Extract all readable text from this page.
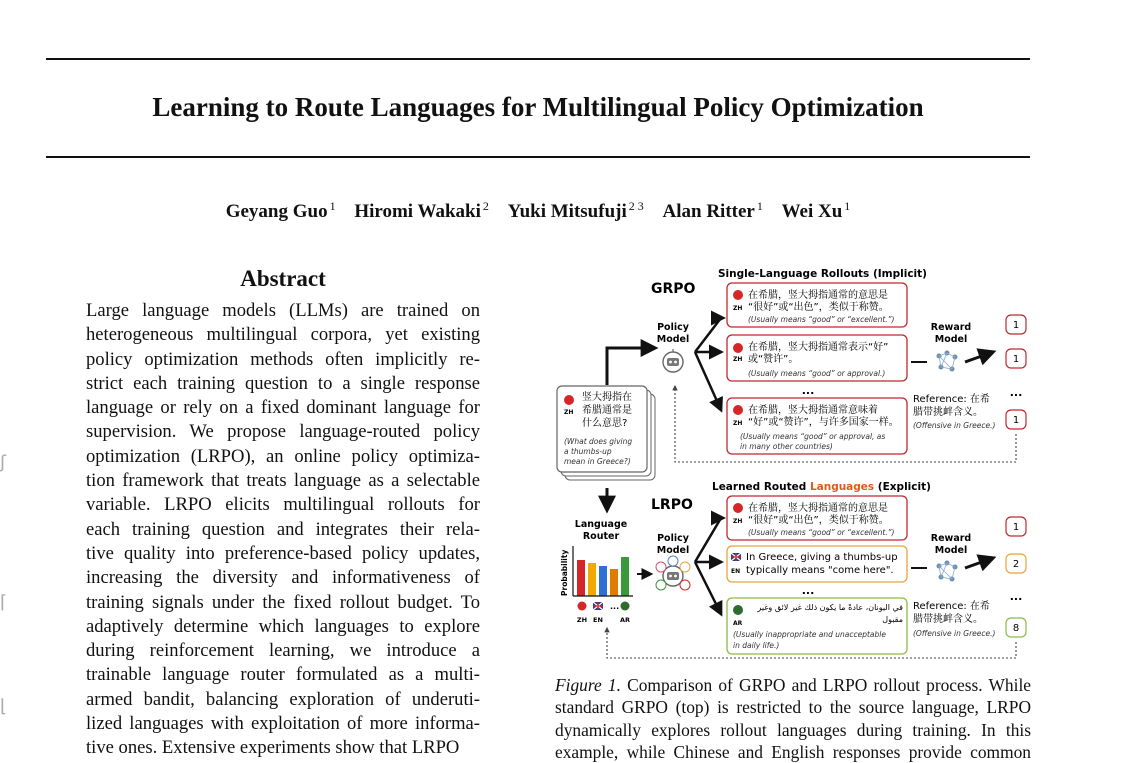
Learning to Route Languages for Multilingual Policy Optimization
Geyang Guo $^1$ Hiromi Wakaki $^2$ Yuki Mitsufuji $^{2 3}$ Alan Ritter $^1$ Wei Xu $^1$
ʃ
⌈
⌊
Abstract
Large language models (LLMs) are trained on
heterogeneous multilingual corpora, yet existing
policy optimization methods often implicitly re-
strict each training question to a single response
language or rely on a fixed dominant language for
supervision. We propose language-routed policy
optimization (LRPO), an online policy optimiza-
tion framework that treats language as a selectable
variable. LRPO elicits multilingual rollouts for
each training question and integrates their rela-
tive quality into preference-based policy updates,
increasing the diversity and informativeness of
training signals under the fixed rollout budget. To
adaptively determine which languages to explore
during reinforcement learning, we introduce a
trainable language router formulated as a multi-
armed bandit, balancing exploration of underuti-
lized languages with exploitation of more informa-
tive ones. Extensive experiments show that LRPO
GRPO
Single-Language Rollouts (Implicit)
Policy
Model
ZH
在希腊，竖大拇指通常的意思是
“很好”或“出色”，类似于称赞。
(Usually means “good” or “excellent.”)
ZH
在希腊，竖大拇指通常表示“好”
或“赞许”。
(Usually means “good” or approval.)
...
ZH
在希腊，竖大拇指通常意味着
“好”或“赞许”，与许多国家一样。
(Usually means “good” or approval, as
in many other countries)
Reward
Model
Reference: 在希
腊带挑衅含义。
(Offensive in Greece.)
1
1
...
1
ZH
竖大拇指在
希腊通常是
什么意思?
(What does giving
a thumbs-up
mean in Greece?)
LRPO
Learned Routed Languages (Explicit)
Language
Router
Probability
...
ZH EN	AR
Policy
Model
ZH
在希腊，竖大拇指通常的意思是
“很好”或“出色”，类似于称赞。
(Usually means “good” or “excellent.”)
EN
In Greece, giving a thumbs-up
typically means "come here".
...
AR
في اليونان، عادةً ما يكون ذلك غير لائق وغير
مقبول
(Usually inappropriate and unacceptable
in daily life.)
Reward
Model
Reference: 在希
腊带挑衅含义。
(Offensive in Greece.)
1
2
...
8
Figure 1. Comparison of GRPO and LRPO rollout process. While
standard GRPO (top) is restricted to the source language, LRPO
dynamically explores rollout languages during training. In this
example, while Chinese and English responses provide common
